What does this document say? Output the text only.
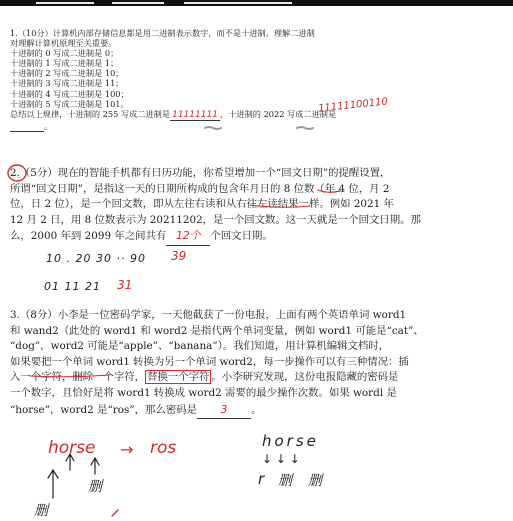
1.（10分）计算机内部存储信息都是用二进制表示数字，而不是十进制。理解二进制
对理解计算机原理至关重要。
十进制的 0 写成二进制是 0；
十进制的 1 写成二进制是 1；
十进制的 2 写成二进制是 10；
十进制的 3 写成二进制是 11；
十进制的 4 写成二进制是 100；
十进制的 5 写成二进制是 101。
总结以上规律，十进制的 255 写成二进制是 11111111 ，十进制的 2022 写成二进制是
。
11111100110
2.（5分）现在的智能手机都有日历功能，你希望增加一个“回文日期”的提醒设置，
所谓“回文日期”，是指这一天的日期所构成的包含年月日的 8 位数（年 4 位，月 2
位，日 2 位），是一个回文数，即从左往右读和从右往左读结果一样。例如 2021 年
12 月 2 日，用 8 位数表示为 20211202，是一个回文数。这一天就是一个回文日期。那
么，2000 年到 2099 年之间共有 12个 个回文日期。
10 . 20 30 ·· 90 39
01 11 21 31
3.（8分）小李是一位密码学家，一天他截获了一份电报，上面有两个英语单词 word1
和 wand2（此处的 word1 和 word2 是指代两个单词变量，例如 word1 可能是“cat”、
“dog”，word2 可能是“apple”、“banana”）。我们知道，用计算机编辑文档时，
如果要把一个单词 word1 转换为另一个单词 word2，每一步操作可以有三种情况：插
入一个字符，删除一个字符， 替换一个字符 。小李研究发现，这份电报隐藏的密码是
一个数字，且恰好是将 word1 转换成 word2 需要的最少操作次数。如果 wordl 是
“horse”，word2 是“ros”，那么密码是 3 。
horse → ros
删
删
horse
↓ ↓ ↓
r 删 删
